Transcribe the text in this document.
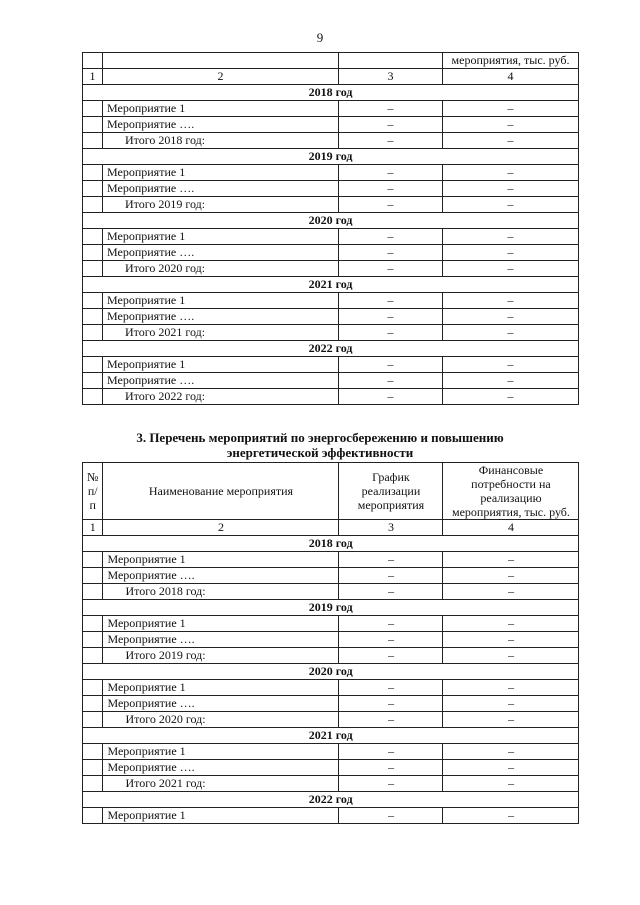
9
			мероприятия, тыс. руб.
1	2	3	4
2018 год			
	Мероприятие 1	–	–
	Мероприятие ….	–	–
	Итого 2018 год:	–	–
2019 год			
	Мероприятие 1	–	–
	Мероприятие ….	–	–
	Итого 2019 год:	–	–
2020 год			
	Мероприятие 1	–	–
	Мероприятие ….	–	–
	Итого 2020 год:	–	–
2021 год			
	Мероприятие 1	–	–
	Мероприятие ….	–	–
	Итого 2021 год:	–	–
2022 год			
	Мероприятие 1	–	–
	Мероприятие ….	–	–
	Итого 2022 год:	–	–
3. Перечень мероприятий по энергосбережению и повышению энергетической эффективности
№ п/п	Наименование мероприятия	График реализации мероприятия	Финансовые потребности на реализацию мероприятия, тыс. руб.
1	2	3	4
2018 год			
	Мероприятие 1	–	–
	Мероприятие ….	–	–
	Итого 2018 год:	–	–
2019 год			
	Мероприятие 1	–	–
	Мероприятие ….	–	–
	Итого 2019 год:	–	–
2020 год			
	Мероприятие 1	–	–
	Мероприятие ….	–	–
	Итого 2020 год:	–	–
2021 год			
	Мероприятие 1	–	–
	Мероприятие ….	–	–
	Итого 2021 год:	–	–
2022 год			
	Мероприятие 1	–	–
